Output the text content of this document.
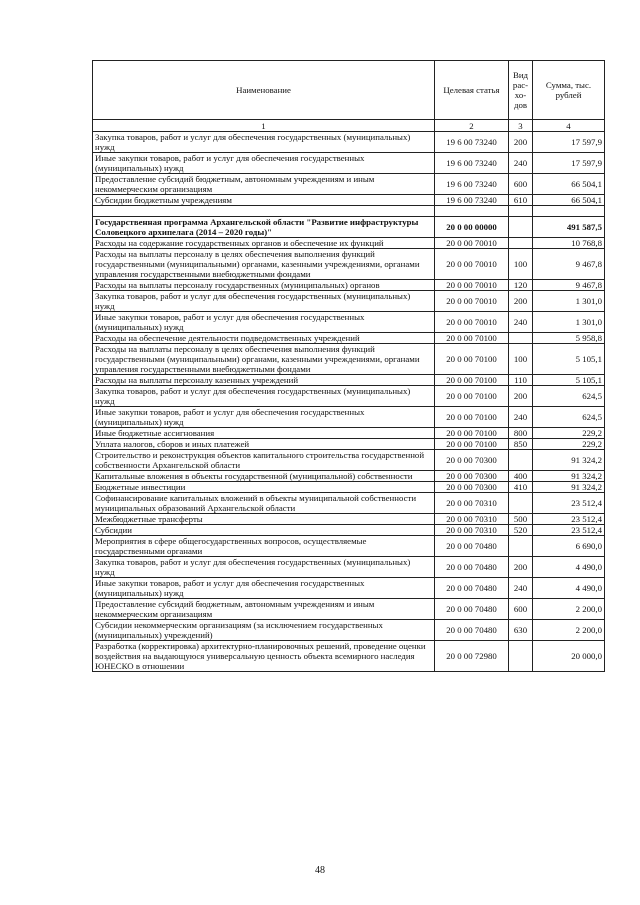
Наименование	Целевая статья	Вид рас-хо-дов	Сумма, тыс. рублей
1	2	3	4
Закупка товаров, работ и услуг для обеспечения государственных (муниципальных) нужд	19 6 00 73240	200	17 597,9
Иные закупки товаров, работ и услуг для обеспечения государственных (муниципальных) нужд	19 6 00 73240	240	17 597,9
Предоставление субсидий бюджетным, автономным учреждениям и иным некоммерческим организациям	19 6 00 73240	600	66 504,1
Субсидии бюджетным учреждениям	19 6 00 73240	610	66 504,1

Государственная программа Архангельской области "Развитие инфраструктуры Соловецкого архипелага (2014 – 2020 годы)"	20 0 00 00000		491 587,5
Расходы на содержание государственных органов и обеспечение их функций	20 0 00 70010		10 768,8
Расходы на выплаты персоналу в целях обеспечения выполнения функций государственными (муниципальными) органами, казенными учреждениями, органами управления государственными внебюджетными фондами	20 0 00 70010	100	9 467,8
Расходы на выплаты персоналу государственных (муниципальных) органов	20 0 00 70010	120	9 467,8
Закупка товаров, работ и услуг для обеспечения государственных (муниципальных) нужд	20 0 00 70010	200	1 301,0
Иные закупки товаров, работ и услуг для обеспечения государственных (муниципальных) нужд	20 0 00 70010	240	1 301,0
Расходы на обеспечение деятельности подведомственных учреждений	20 0 00 70100		5 958,8
Расходы на выплаты персоналу в целях обеспечения выполнения функций государственными (муниципальными) органами, казенными учреждениями, органами управления государственными внебюджетными фондами	20 0 00 70100	100	5 105,1
Расходы на выплаты персоналу казенных учреждений	20 0 00 70100	110	5 105,1
Закупка товаров, работ и услуг для обеспечения государственных (муниципальных) нужд	20 0 00 70100	200	624,5
Иные закупки товаров, работ и услуг для обеспечения государственных (муниципальных) нужд	20 0 00 70100	240	624,5
Иные бюджетные ассигнования	20 0 00 70100	800	229,2
Уплата налогов, сборов и иных платежей	20 0 00 70100	850	229,2
Строительство и реконструкция объектов капитального строительства государственной собственности Архангельской области	20 0 00 70300		91 324,2
Капитальные вложения в объекты государственной (муниципальной) собственности	20 0 00 70300	400	91 324,2
Бюджетные инвестиции	20 0 00 70300	410	91 324,2
Софинансирование капитальных вложений в объекты муниципальной собственности муниципальных образований Архангельской области	20 0 00 70310		23 512,4
Межбюджетные трансферты	20 0 00 70310	500	23 512,4
Субсидии	20 0 00 70310	520	23 512,4
Мероприятия в сфере общегосударственных вопросов, осуществляемые государственными органами	20 0 00 70480		6 690,0
Закупка товаров, работ и услуг для обеспечения государственных (муниципальных) нужд	20 0 00 70480	200	4 490,0
Иные закупки товаров, работ и услуг для обеспечения государственных (муниципальных) нужд	20 0 00 70480	240	4 490,0
Предоставление субсидий бюджетным, автономным учреждениям и иным некоммерческим организациям	20 0 00 70480	600	2 200,0
Субсидии некоммерческим организациям (за исключением государственных (муниципальных) учреждений)	20 0 00 70480	630	2 200,0
Разработка (корректировка) архитектурно-планировочных решений, проведение оценки воздействия на выдающуюся универсальную ценность объекта всемирного наследия ЮНЕСКО в отношении	20 0 00 72980		20 000,0
48
